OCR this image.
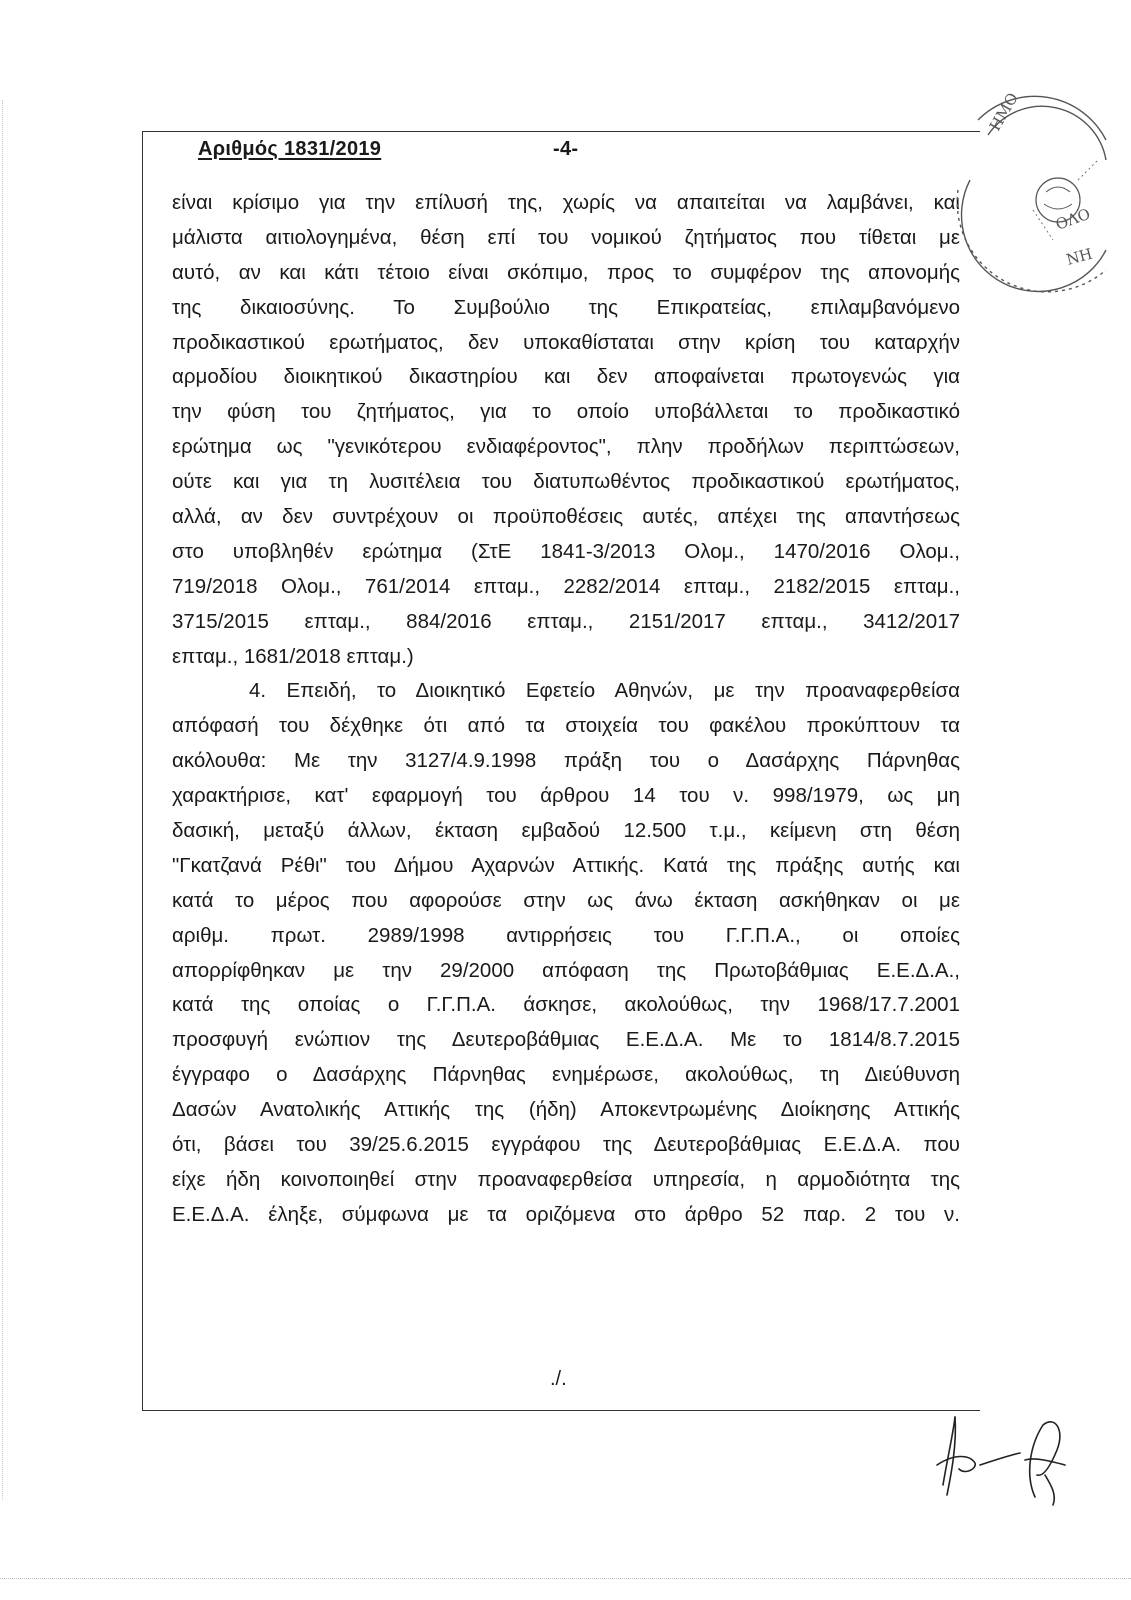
Αριθμός 1831/2019	-4-
είναι κρίσιμο για την επίλυσή της, χωρίς να απαιτείται να λαμβάνει, και
μάλιστα αιτιολογημένα, θέση επί του νομικού ζητήματος που τίθεται με
αυτό, αν και κάτι τέτοιο είναι σκόπιμο, προς το συμφέρον της απονομής
της δικαιοσύνης. Το Συμβούλιο της Επικρατείας, επιλαμβανόμενο
προδικαστικού ερωτήματος, δεν υποκαθίσταται στην κρίση του καταρχήν
αρμοδίου διοικητικού δικαστηρίου και δεν αποφαίνεται πρωτογενώς για
την φύση του ζητήματος, για το οποίο υποβάλλεται το προδικαστικό
ερώτημα ως "γενικότερου ενδιαφέροντος", πλην προδήλων περιπτώσεων,
ούτε και για τη λυσιτέλεια του διατυπωθέντος προδικαστικού ερωτήματος,
αλλά, αν δεν συντρέχουν οι προϋποθέσεις αυτές, απέχει της απαντήσεως
στο υποβληθέν ερώτημα (ΣτΕ 1841-3/2013 Ολομ., 1470/2016 Ολομ.,
719/2018 Ολομ., 761/2014 επταμ., 2282/2014 επταμ., 2182/2015 επταμ.,
3715/2015 επταμ., 884/2016 επταμ., 2151/2017 επταμ., 3412/2017
επταμ., 1681/2018 επταμ.)
4. Επειδή, το Διοικητικό Εφετείο Αθηνών, με την προαναφερθείσα
απόφασή του δέχθηκε ότι από τα στοιχεία του φακέλου προκύπτουν τα
ακόλουθα: Με την 3127/4.9.1998 πράξη του ο Δασάρχης Πάρνηθας
χαρακτήρισε, κατ' εφαρμογή του άρθρου 14 του ν. 998/1979, ως μη
δασική, μεταξύ άλλων, έκταση εμβαδού 12.500 τ.μ., κείμενη στη θέση
"Γκατζανά Ρέθι" του Δήμου Αχαρνών Αττικής. Κατά της πράξης αυτής και
κατά το μέρος που αφορούσε στην ως άνω έκταση ασκήθηκαν οι με
αριθμ. πρωτ. 2989/1998 αντιρρήσεις του Γ.Γ.Π.Α., οι οποίες
απορρίφθηκαν με την 29/2000 απόφαση της Πρωτοβάθμιας Ε.Ε.Δ.Α.,
κατά της οποίας ο Γ.Γ.Π.Α. άσκησε, ακολούθως, την 1968/17.7.2001
προσφυγή ενώπιον της Δευτεροβάθμιας Ε.Ε.Δ.Α. Με το 1814/8.7.2015
έγγραφο ο Δασάρχης Πάρνηθας ενημέρωσε, ακολούθως, τη Διεύθυνση
Δασών Ανατολικής Αττικής της (ήδη) Αποκεντρωμένης Διοίκησης Αττικής
ότι, βάσει του 39/25.6.2015 εγγράφου της Δευτεροβάθμιας Ε.Ε.Δ.Α. που
είχε ήδη κοινοποιηθεί στην προαναφερθείσα υπηρεσία, η αρμοδιότητα της
Ε.Ε.Δ.Α. έληξε, σύμφωνα με τα οριζόμενα στο άρθρο 52 παρ. 2 του ν.
./.
ΗΜΟ
ΟΛΟ
ΝΗ
